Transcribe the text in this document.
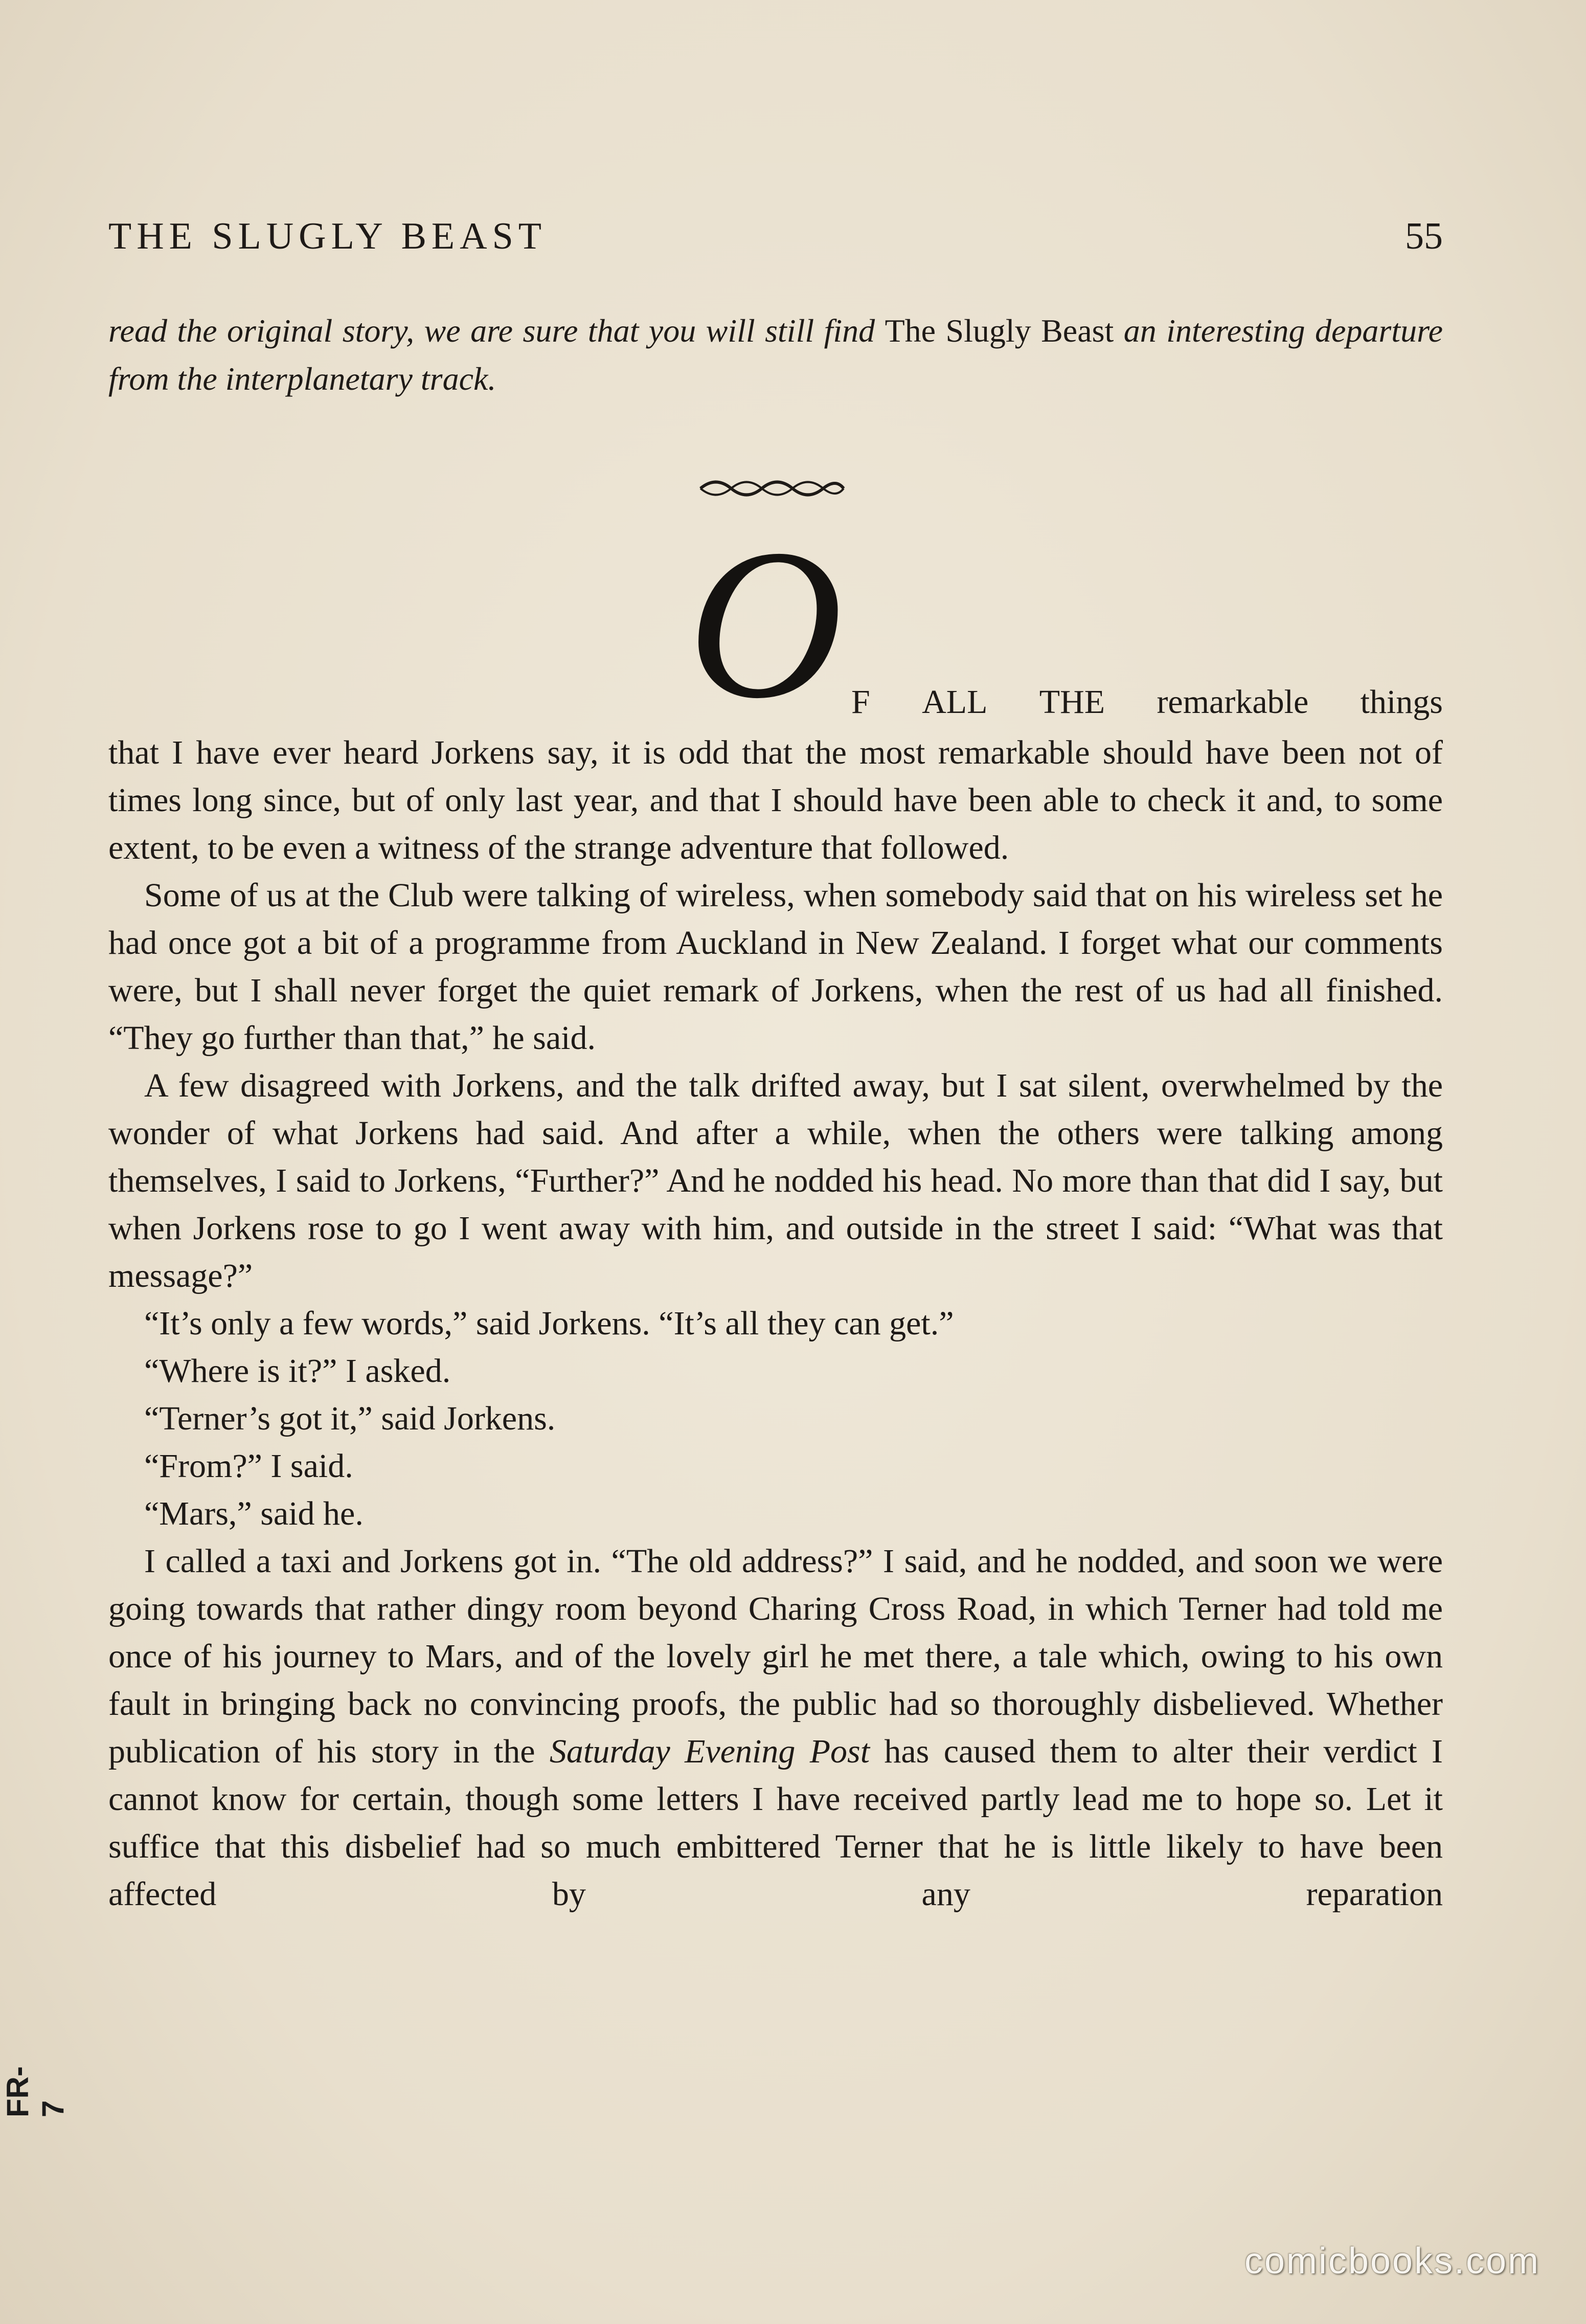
THE SLUGLY BEAST	55
read the original story, we are sure that you will still find The Slugly Beast an interesting departure from the interplanetary track.
O F ALL THE remarkable things

that I have ever heard Jorkens say, it is odd that the most remarkable should have been not of times long since, but of only last year, and that I should have been able to check it and, to some extent, to be even a witness of the strange adventure that followed.

Some of us at the Club were talking of wireless, when somebody said that on his wireless set he had once got a bit of a programme from Auckland in New Zealand. I forget what our comments were, but I shall never forget the quiet remark of Jorkens, when the rest of us had all finished. “They go further than that,” he said.

A few disagreed with Jorkens, and the talk drifted away, but I sat silent, overwhelmed by the wonder of what Jorkens had said. And after a while, when the others were talking among themselves, I said to Jorkens, “Further?” And he nodded his head. No more than that did I say, but when Jorkens rose to go I went away with him, and outside in the street I said: “What was that message?”

“It’s only a few words,” said Jorkens. “It’s all they can get.”

“Where is it?” I asked.

“Terner’s got it,” said Jorkens.

“From?” I said.

“Mars,” said he.

I called a taxi and Jorkens got in. “The old address?” I said, and he nodded, and soon we were going towards that rather dingy room beyond Charing Cross Road, in which Terner had told me once of his journey to Mars, and of the lovely girl he met there, a tale which, owing to his own fault in bringing back no convincing proofs, the public had so thoroughly disbelieved. Whether publication of his story in the Saturday Evening Post has caused them to alter their verdict I cannot know for certain, though some letters I have received partly lead me to hope so. Let it suffice that this disbelief had so much embittered Terner that he is little likely to have been affected by any reparation

FR-7
comicbooks.com
